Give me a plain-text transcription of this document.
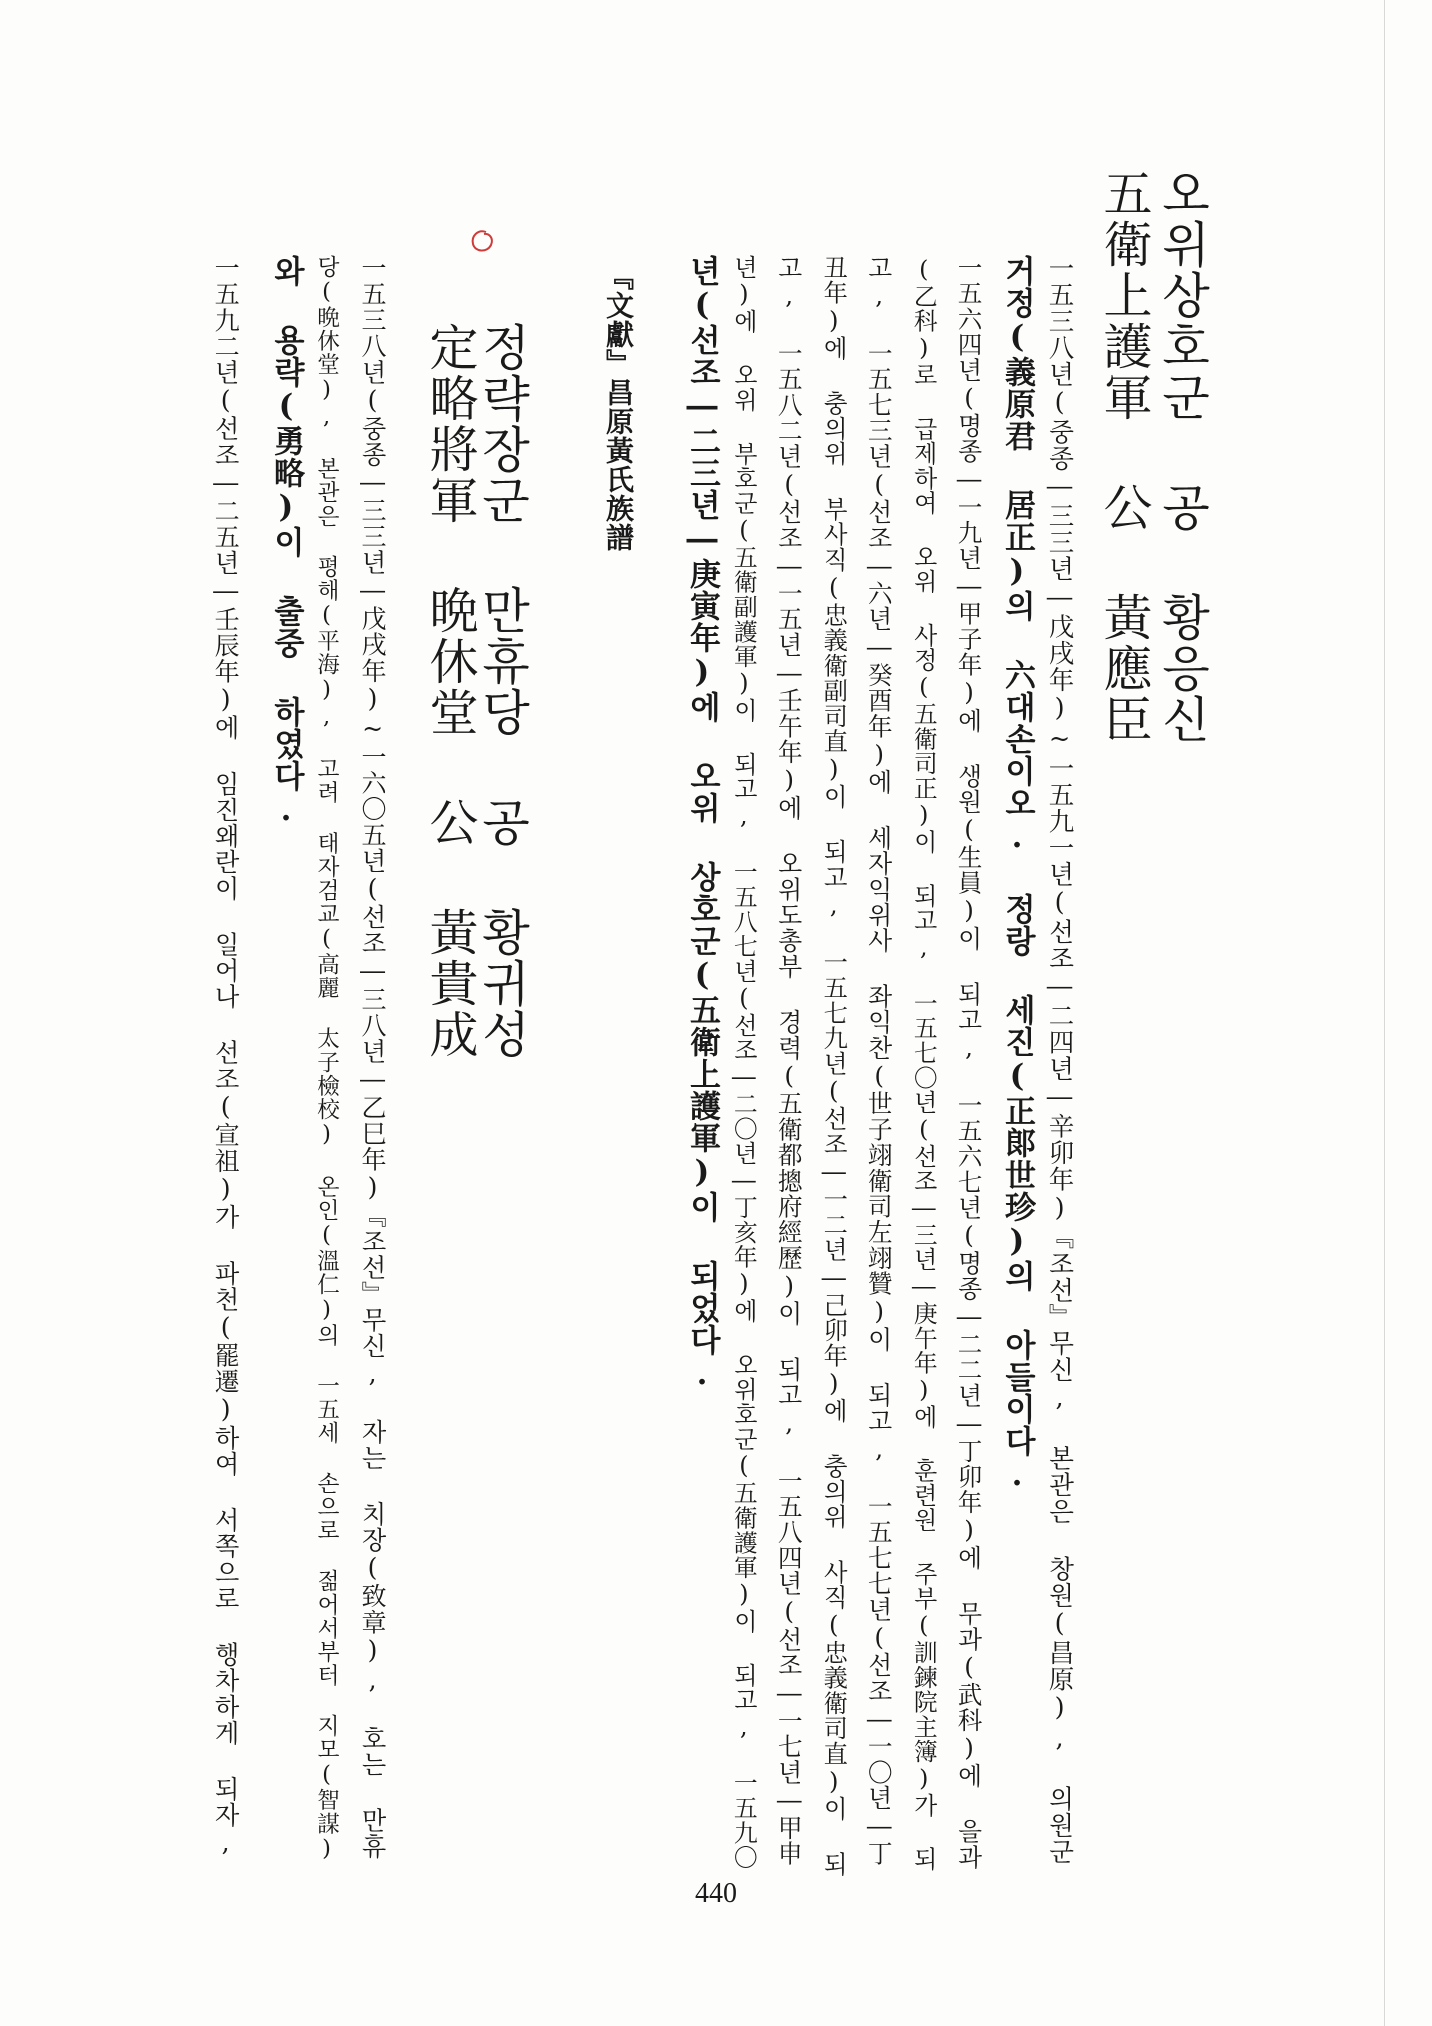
오위상호군 공 황응신
五衛上護軍 公 黃應臣
一五三八년(중종―三三년―戊戌年)~一五九一년(선조―二四년―辛卯年)『조선』무신, 본관은 창원(昌原), 의원군
거정(義原君 居正)의 六대손이오. 정랑 세진(正郞世珍)의 아들이다.
一五六四년(명종―一九년―甲子年)에 생원(生員)이 되고, 一五六七년(명종―二二년―丁卯年)에 무과(武科)에 을과
(乙科)로 급제하여 오위 사정(五衛司正)이 되고, 一五七〇년(선조―三년―庚午年)에 훈련원 주부(訓鍊院主簿)가 되
고, 一五七三년(선조―六년―癸酉年)에 세자익위사 좌익찬(世子翊衛司左翊贊)이 되고, 一五七七년(선조―一〇년―丁
丑年)에 충의위 부사직(忠義衛副司直)이 되고, 一五七九년(선조―一二년―己卯年)에 충의위 사직(忠義衛司直)이 되
고, 一五八二년(선조―一五년―壬午年)에 오위도총부 경력(五衛都摠府經歷)이 되고, 一五八四년(선조―一七년―甲申
년)에 오위 부호군(五衛副護軍)이 되고, 一五八七년(선조―二〇년―丁亥年)에 오위호군(五衛護軍)이 되고, 一五九〇
년(선조―二三년―庚寅年)에 오위 상호군(五衛上護軍)이 되었다.
『文獻』昌原黃氏族譜
정략장군 만휴당 공 황귀성
定略將軍 晩休堂 公 黃貴成
一五三八년(중종―三三년―戊戌年)~一六〇五년(선조―三八년―乙巳年)『조선』무신, 자는 치장(致章), 호는 만휴
당(晩休堂), 본관은 평해(平海), 고려 태자검교(高麗 太子檢校) 온인(溫仁)의 一五세 손으로 젊어서부터 지모(智謀)
와 용략(勇略)이 출중 하였다.
一五九二년(선조―二五년―壬辰年)에 임진왜란이 일어나 선조(宣祖)가 파천(罷遷)하여 서쪽으로 행차하게 되자,
440
